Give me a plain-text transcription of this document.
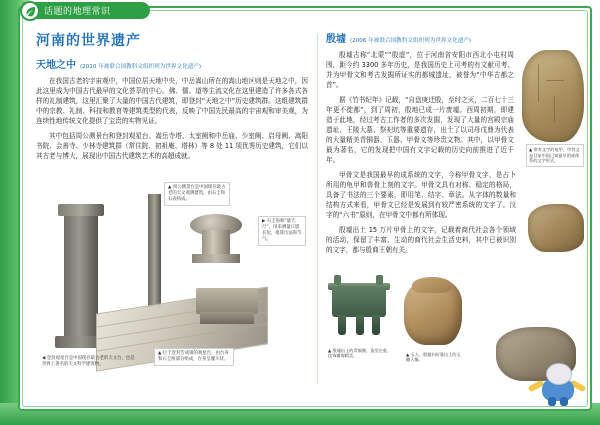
话题的地理常识
河南的世界遗产
天地之中 (2010 年被联合国教科文组织列为世界文化遗产)

在我国古老的宇宙观中，中国位居天地中央，中岳嵩山所在的嵩山地区则是天地之中，因此这里成为中国古代最早的文化荟萃的中心。佛、儒、道等主流文化在这里建造了许多各式各样的礼制建筑，这里汇聚了大量的中国古代建筑，即登封“天地之中”历史建筑群。这组建筑群中的宗教、礼制、科技和教育等建筑类型的代表，反映了中国先民最高的宇宙观和审美观，为连续性地传统文化提供了宝贵的实物见证。

其中包括周公测景台和登封观星台、嵩岳寺塔、太室阙和中岳庙、少室阙、启母阙、嵩阳书院、会善寺、少林寺建筑群（常住院、初祖庵、塔林）等 8 处 11 项优秀历史建筑，它们以其古老与博大，展现出中国古代建筑艺术的高超成就。

▲ 周公测景台是中国现存最古老的天文观测建筑，由石圭和石表构成。
▶ 石圭俗称“量天尺”，用来测量日影长短，推算历法和节气。
▲ 位于登封告成镇的观星台，由台身和石圭两部分组成，台身呈覆斗状。
◀ 登封观星台是中国现存最古老的天文台，也是世界上著名的天文科学建筑物。
殷墟 (2006 年被联合国教科文组织列为世界文化遗产)

殷墟古称“北蒙”“殷虚”，位于河南省安阳市西北小屯村周围，距今约 3300 多年历史，是我国历史上可考的有文献可考、并为甲骨文和考古发掘所证实的都城遗址，被誉为“中华古都之首”。

据《竹书纪年》记载，“自盘庚迁殷，至纣之灭，二百七十三年更不徙都”，到了周初，殷地已成一片废墟。西周初期，即建造于此地，经过考古工作者的多次发掘，发现了大量的宫殿宗庙遗址、王陵大墓、祭祀坑等重要遗存，出土了以司母戊鼎为代表的大量精美青铜器、玉器、甲骨文等珍贵文物。其中，以甲骨文最为著名，它的发现把中国有文字记载的历史向前推进了近千年。

▲ 带有文字的龟甲，甲骨文是目前中国已知最早的成体系的文字形式。

甲骨文是我国最早的成系统的文字，今称甲骨文字，是占卜所用的龟甲和兽骨上刻的文字。甲骨文具有对称、稳定的格局，具备了书法的三个要素，即用笔、结字、章法。从字体的数量和结构方式来看，甲骨文已经是发展到有较严密系统的文字了。汉字的“六书”原则，在甲骨文中都有所体现。

殷墟出土 15 万片甲骨上的文字，记载着商代社会各个领域的活动，保留了丰富、生动的商代社会生活史料，其中已被识别的文字，都与殷商王朝有关。

▲ 殷墟出土的青铜鼎，造型庄重，纹饰繁缛精美。	▲ 玉人，殷墟妇好墓出土的玉雕人像。
